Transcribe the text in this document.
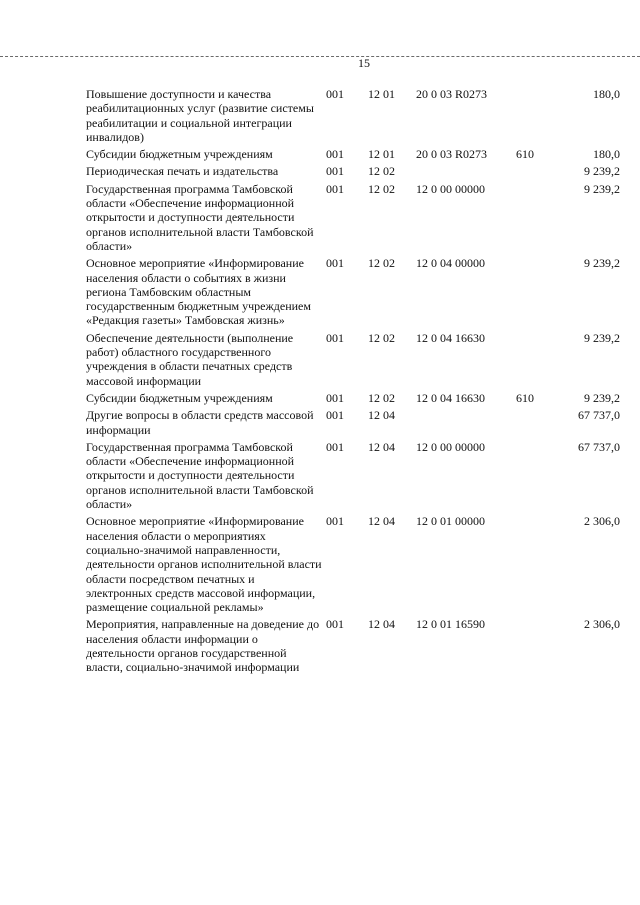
15
Повышение доступности и качества реабилитационных услуг (развитие системы реабилитации и социальной интеграции инвалидов)	001	12 01	20 0 03 R0273		180,0

Субсидии бюджетным учреждениям	001	12 01	20 0 03 R0273	610	180,0

Периодическая печать и издательства	001	12 02			9 239,2

Государственная программа Тамбовской области «Обеспечение информационной открытости и доступности деятельности органов исполнительной власти Тамбовской области»	001	12 02	12 0 00 00000		9 239,2

Основное мероприятие «Информирование населения области о событиях в жизни региона Тамбовским областным государственным бюджетным учреждением «Редакция газеты» Тамбовская жизнь»	001	12 02	12 0 04 00000		9 239,2

Обеспечение деятельности (выполнение работ) областного государственного учреждения в области печатных средств массовой информации	001	12 02	12 0 04 16630		9 239,2

Субсидии бюджетным учреждениям	001	12 02	12 0 04 16630	610	9 239,2

Другие вопросы в области средств массовой информации	001	12 04			67 737,0

Государственная программа Тамбовской области «Обеспечение информационной открытости и доступности деятельности органов исполнительной власти Тамбовской области»	001	12 04	12 0 00 00000		67 737,0

Основное мероприятие «Информирование населения области о мероприятиях социально-значимой направленности, деятельности органов исполнительной власти области посредством печатных и электронных средств массовой информации, размещение социальной рекламы»	001	12 04	12 0 01 00000		2 306,0

Мероприятия, направленные на доведение до населения области информации о деятельности органов государственной власти, социально-значимой информации	001	12 04	12 0 01 16590		2 306,0
